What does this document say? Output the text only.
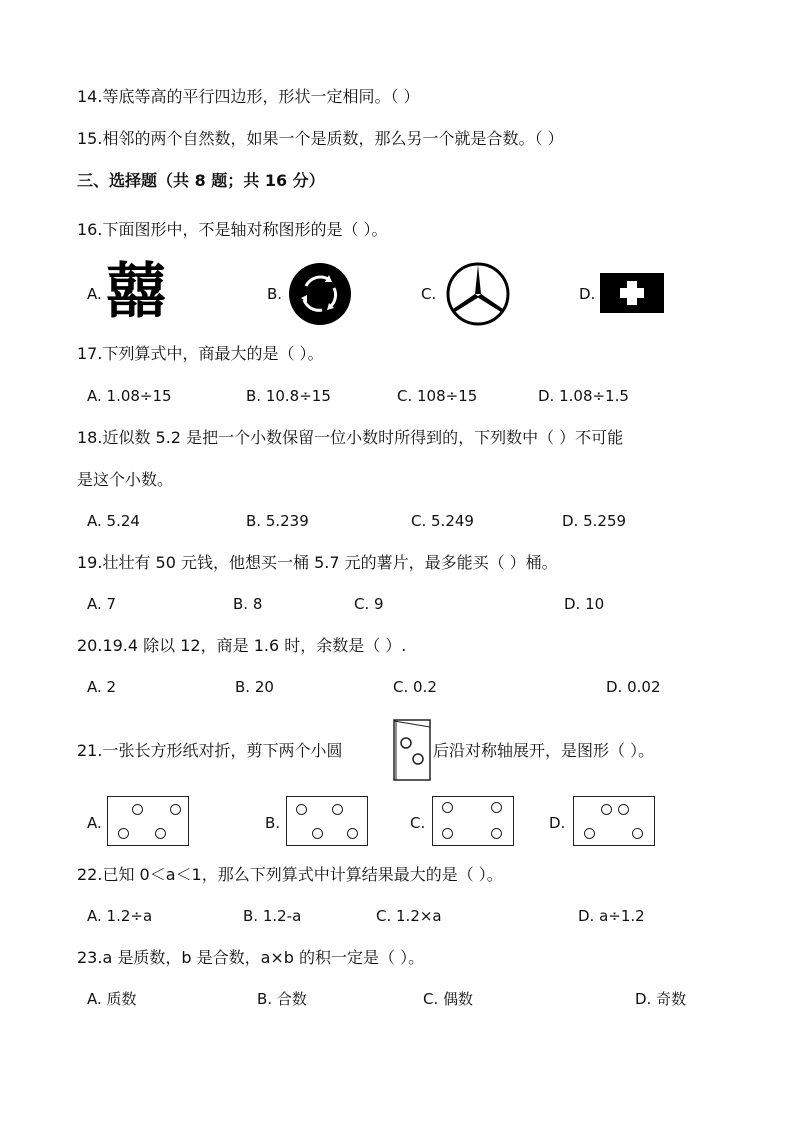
14.等底等高的平行四边形，形状一定相同。（ ）
15.相邻的两个自然数，如果一个是质数，那么另一个就是合数。（ ）
三、选择题（共 8 题；共 16 分）
16.下面图形中，不是轴对称图形的是（ ）。
A. 囍	B.	C.	D.
17.下列算式中，商最大的是（ ）。
A. 1.08÷15	B. 10.8÷15	C. 108÷15	D. 1.08÷1.5
18.近似数 5.2 是把一个小数保留一位小数时所得到的，下列数中（ ）不可能
是这个小数。
A. 5.24	B. 5.239	C. 5.249	D. 5.259
19.壮壮有 50 元钱，他想买一桶 5.7 元的薯片，最多能买（ ）桶。
A. 7	B. 8	C. 9	D. 10
20.19.4 除以 12，商是 1.6 时，余数是（ ）.
A. 2	B. 20	C. 0.2	D. 0.02
21.一张长方形纸对折，剪下两个小圆	后沿对称轴展开，是图形（ ）。
A.	B.	C.	D.
22.已知 0＜a＜1，那么下列算式中计算结果最大的是（ ）。
A. 1.2÷a	B. 1.2-a	C. 1.2×a	D. a÷1.2
23.a 是质数，b 是合数，a×b 的积一定是（ ）。
A. 质数	B. 合数	C. 偶数	D. 奇数
